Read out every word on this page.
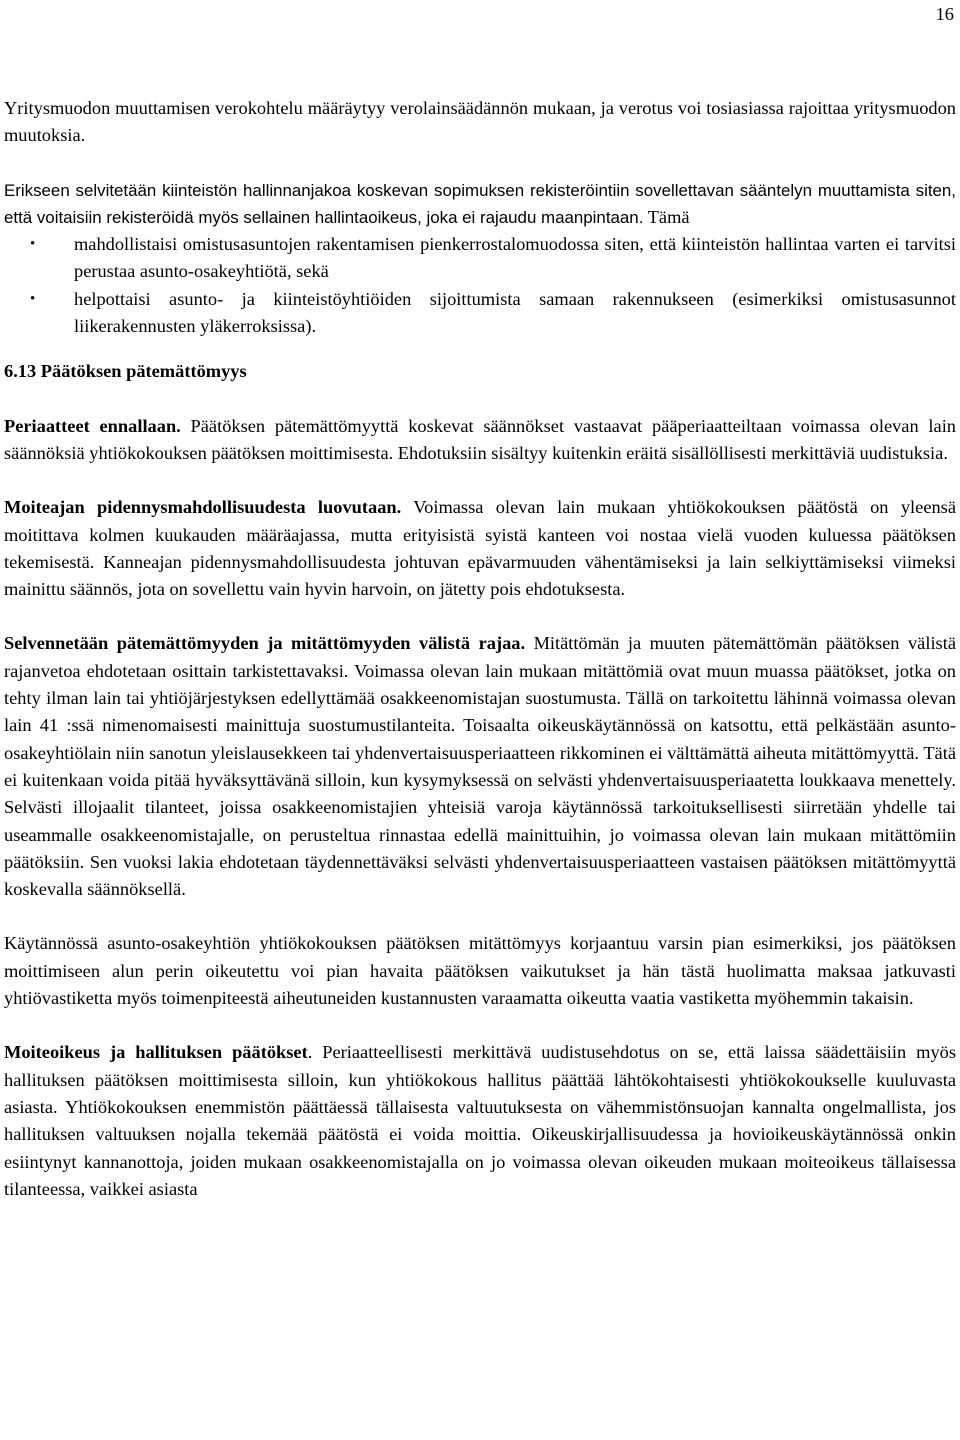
16

Yritysmuodon muuttamisen verokohtelu määräytyy verolainsäädännön mukaan, ja verotus voi tosiasiassa rajoittaa yritysmuodon muutoksia.

Erikseen selvitetään kiinteistön hallinnanjakoa koskevan sopimuksen rekisteröintiin sovellettavan sääntelyn muuttamista siten, että voitaisiin rekisteröidä myös sellainen hallintaoikeus, joka ei rajaudu maanpintaan. Tämä

• mahdollistaisi omistusasuntojen rakentamisen pienkerrostalomuodossa siten, että kiinteistön hallintaa varten ei tarvitsi perustaa asunto-osakeyhtiötä, sekä
• helpottaisi asunto- ja kiinteistöyhtiöiden sijoittumista samaan rakennukseen (esimerkiksi omistusasunnot liikerakennusten yläkerroksissa).
6.13 Päätöksen pätemättömyys

Periaatteet ennallaan. Päätöksen pätemättömyyttä koskevat säännökset vastaavat pääperiaatteiltaan voimassa olevan lain säännöksiä yhtiökokouksen päätöksen moittimisesta. Ehdotuksiin sisältyy kuitenkin eräitä sisällöllisesti merkittäviä uudistuksia.

Moiteajan pidennysmahdollisuudesta luovutaan. Voimassa olevan lain mukaan yhtiökokouksen päätöstä on yleensä moitittava kolmen kuukauden määräajassa, mutta erityisistä syistä kanteen voi nostaa vielä vuoden kuluessa päätöksen tekemisestä. Kanneajan pidennysmahdollisuudesta johtuvan epävarmuuden vähentämiseksi ja lain selkiyttämiseksi viimeksi mainittu säännös, jota on sovellettu vain hyvin harvoin, on jätetty pois ehdotuksesta.

Selvennetään pätemättömyyden ja mitättömyyden välistä rajaa. Mitättömän ja muuten pätemättömän päätöksen välistä rajanvetoa ehdotetaan osittain tarkistettavaksi. Voimassa olevan lain mukaan mitättömiä ovat muun muassa päätökset, jotka on tehty ilman lain tai yhtiöjärjestyksen edellyttämää osakkeenomistajan suostumusta. Tällä on tarkoitettu lähinnä voimassa olevan lain 41 :ssä nimenomaisesti mainittuja suostumustilanteita. Toisaalta oikeuskäytännössä on katsottu, että pelkästään asunto-osakeyhtiölain niin sanotun yleislausekkeen tai yhdenvertaisuusperiaatteen rikkominen ei välttämättä aiheuta mitättömyyttä. Tätä ei kuitenkaan voida pitää hyväksyttävänä silloin, kun kysymyksessä on selvästi yhdenvertaisuusperiaatetta loukkaava menettely. Selvästi illojaalit tilanteet, joissa osakkeenomistajien yhteisiä varoja käytännössä tarkoituksellisesti siirretään yhdelle tai useammalle osakkeenomistajalle, on perusteltua rinnastaa edellä mainittuihin, jo voimassa olevan lain mukaan mitättömiin päätöksiin. Sen vuoksi lakia ehdotetaan täydennettäväksi selvästi yhdenvertaisuusperiaatteen vastaisen päätöksen mitättömyyttä koskevalla säännöksellä.

Käytännössä asunto-osakeyhtiön yhtiökokouksen päätöksen mitättömyys korjaantuu varsin pian esimerkiksi, jos päätöksen moittimiseen alun perin oikeutettu voi pian havaita päätöksen vaikutukset ja hän tästä huolimatta maksaa jatkuvasti yhtiövastiketta myös toimenpiteestä aiheutuneiden kustannusten varaamatta oikeutta vaatia vastiketta myöhemmin takaisin.

Moiteoikeus ja hallituksen päätökset. Periaatteellisesti merkittävä uudistusehdotus on se, että laissa säädettäisiin myös hallituksen päätöksen moittimisesta silloin, kun yhtiökokous hallitus päättää lähtökohtaisesti yhtiökokoukselle kuuluvasta asiasta. Yhtiökokouksen enemmistön päättäessä tällaisesta valtuutuksesta on vähemmistönsuojan kannalta ongelmallista, jos hallituksen valtuuksen nojalla tekemää päätöstä ei voida moittia. Oikeuskirjallisuudessa ja hovioikeuskäytännössä onkin esiintynyt kannanottoja, joiden mukaan osakkeenomistajalla on jo voimassa olevan oikeuden mukaan moiteoikeus tällaisessa tilanteessa, vaikkei asiasta
